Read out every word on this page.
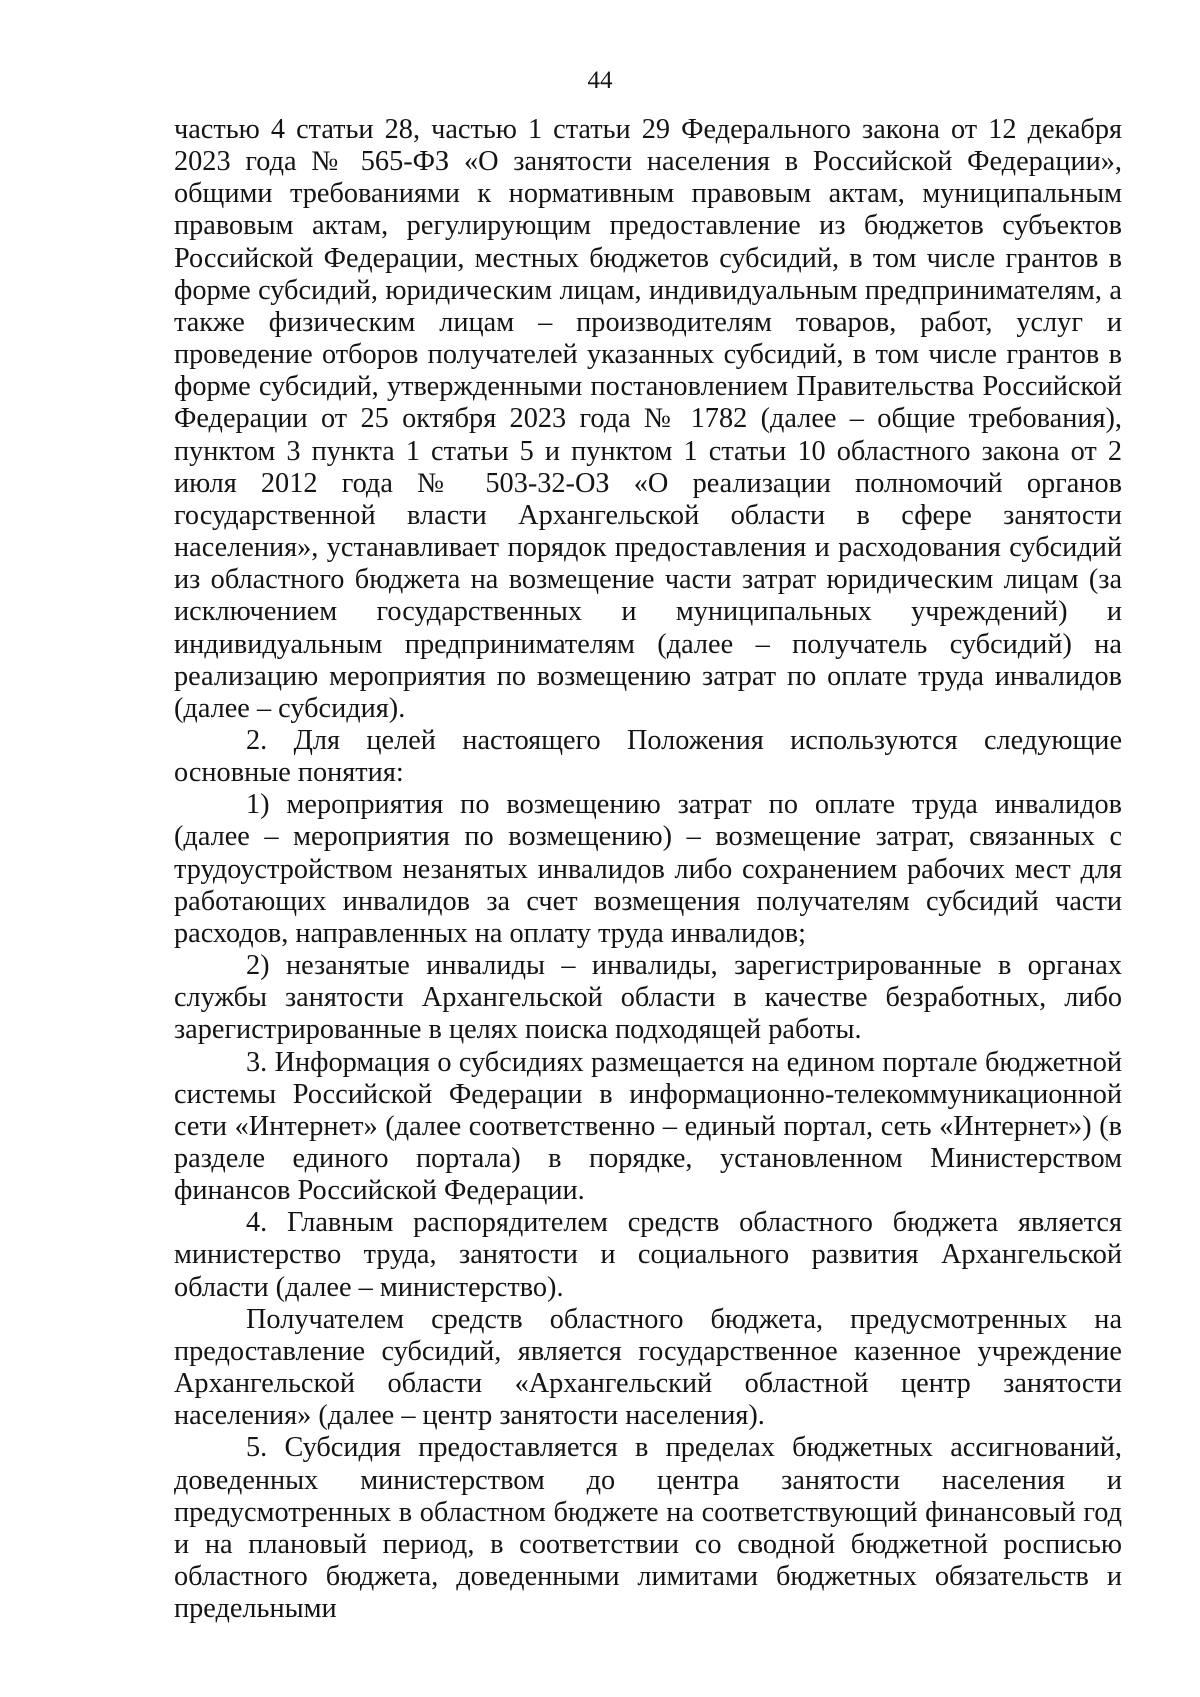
44

частью 4 статьи 28, частью 1 статьи 29 Федерального закона от 12 декабря 2023 года № 565-ФЗ «О занятости населения в Российской Федерации», общими требованиями к нормативным правовым актам, муниципальным правовым актам, регулирующим предоставление из бюджетов субъектов Российской Федерации, местных бюджетов субсидий, в том числе грантов в форме субсидий, юридическим лицам, индивидуальным предпринимателям, а также физическим лицам – производителям товаров, работ, услуг и проведение отборов получателей указанных субсидий, в том числе грантов в форме субсидий, утвержденными постановлением Правительства Российской Федерации от 25 октября 2023 года № 1782 (далее – общие требования), пунктом 3 пункта 1 статьи 5 и пунктом 1 статьи 10 областного закона от 2 июля 2012 года № 503-32-ОЗ «О реализации полномочий органов государственной власти Архангельской области в сфере занятости населения», устанавливает порядок предоставления и расходования субсидий из областного бюджета на возмещение части затрат юридическим лицам (за исключением государственных и муниципальных учреждений) и индивидуальным предпринимателям (далее – получатель субсидий) на реализацию мероприятия по возмещению затрат по оплате труда инвалидов (далее – субсидия).

2. Для целей настоящего Положения используются следующие основные понятия:

1) мероприятия по возмещению затрат по оплате труда инвалидов (далее – мероприятия по возмещению) – возмещение затрат, связанных с трудоустройством незанятых инвалидов либо сохранением рабочих мест для работающих инвалидов за счет возмещения получателям субсидий части расходов, направленных на оплату труда инвалидов;

2) незанятые инвалиды – инвалиды, зарегистрированные в органах службы занятости Архангельской области в качестве безработных, либо зарегистрированные в целях поиска подходящей работы.

3. Информация о субсидиях размещается на едином портале бюджетной системы Российской Федерации в информационно-телекоммуникационной сети «Интернет» (далее соответственно – единый портал, сеть «Интернет») (в разделе единого портала) в порядке, установленном Министерством финансов Российской Федерации.

4. Главным распорядителем средств областного бюджета является министерство труда, занятости и социального развития Архангельской области (далее – министерство).

Получателем средств областного бюджета, предусмотренных на предоставление субсидий, является государственное казенное учреждение Архангельской области «Архангельский областной центр занятости населения» (далее – центр занятости населения).

5. Субсидия предоставляется в пределах бюджетных ассигнований, доведенных министерством до центра занятости населения и предусмотренных в областном бюджете на соответствующий финансовый год и на плановый период, в соответствии со сводной бюджетной росписью областного бюджета, доведенными лимитами бюджетных обязательств и предельными
